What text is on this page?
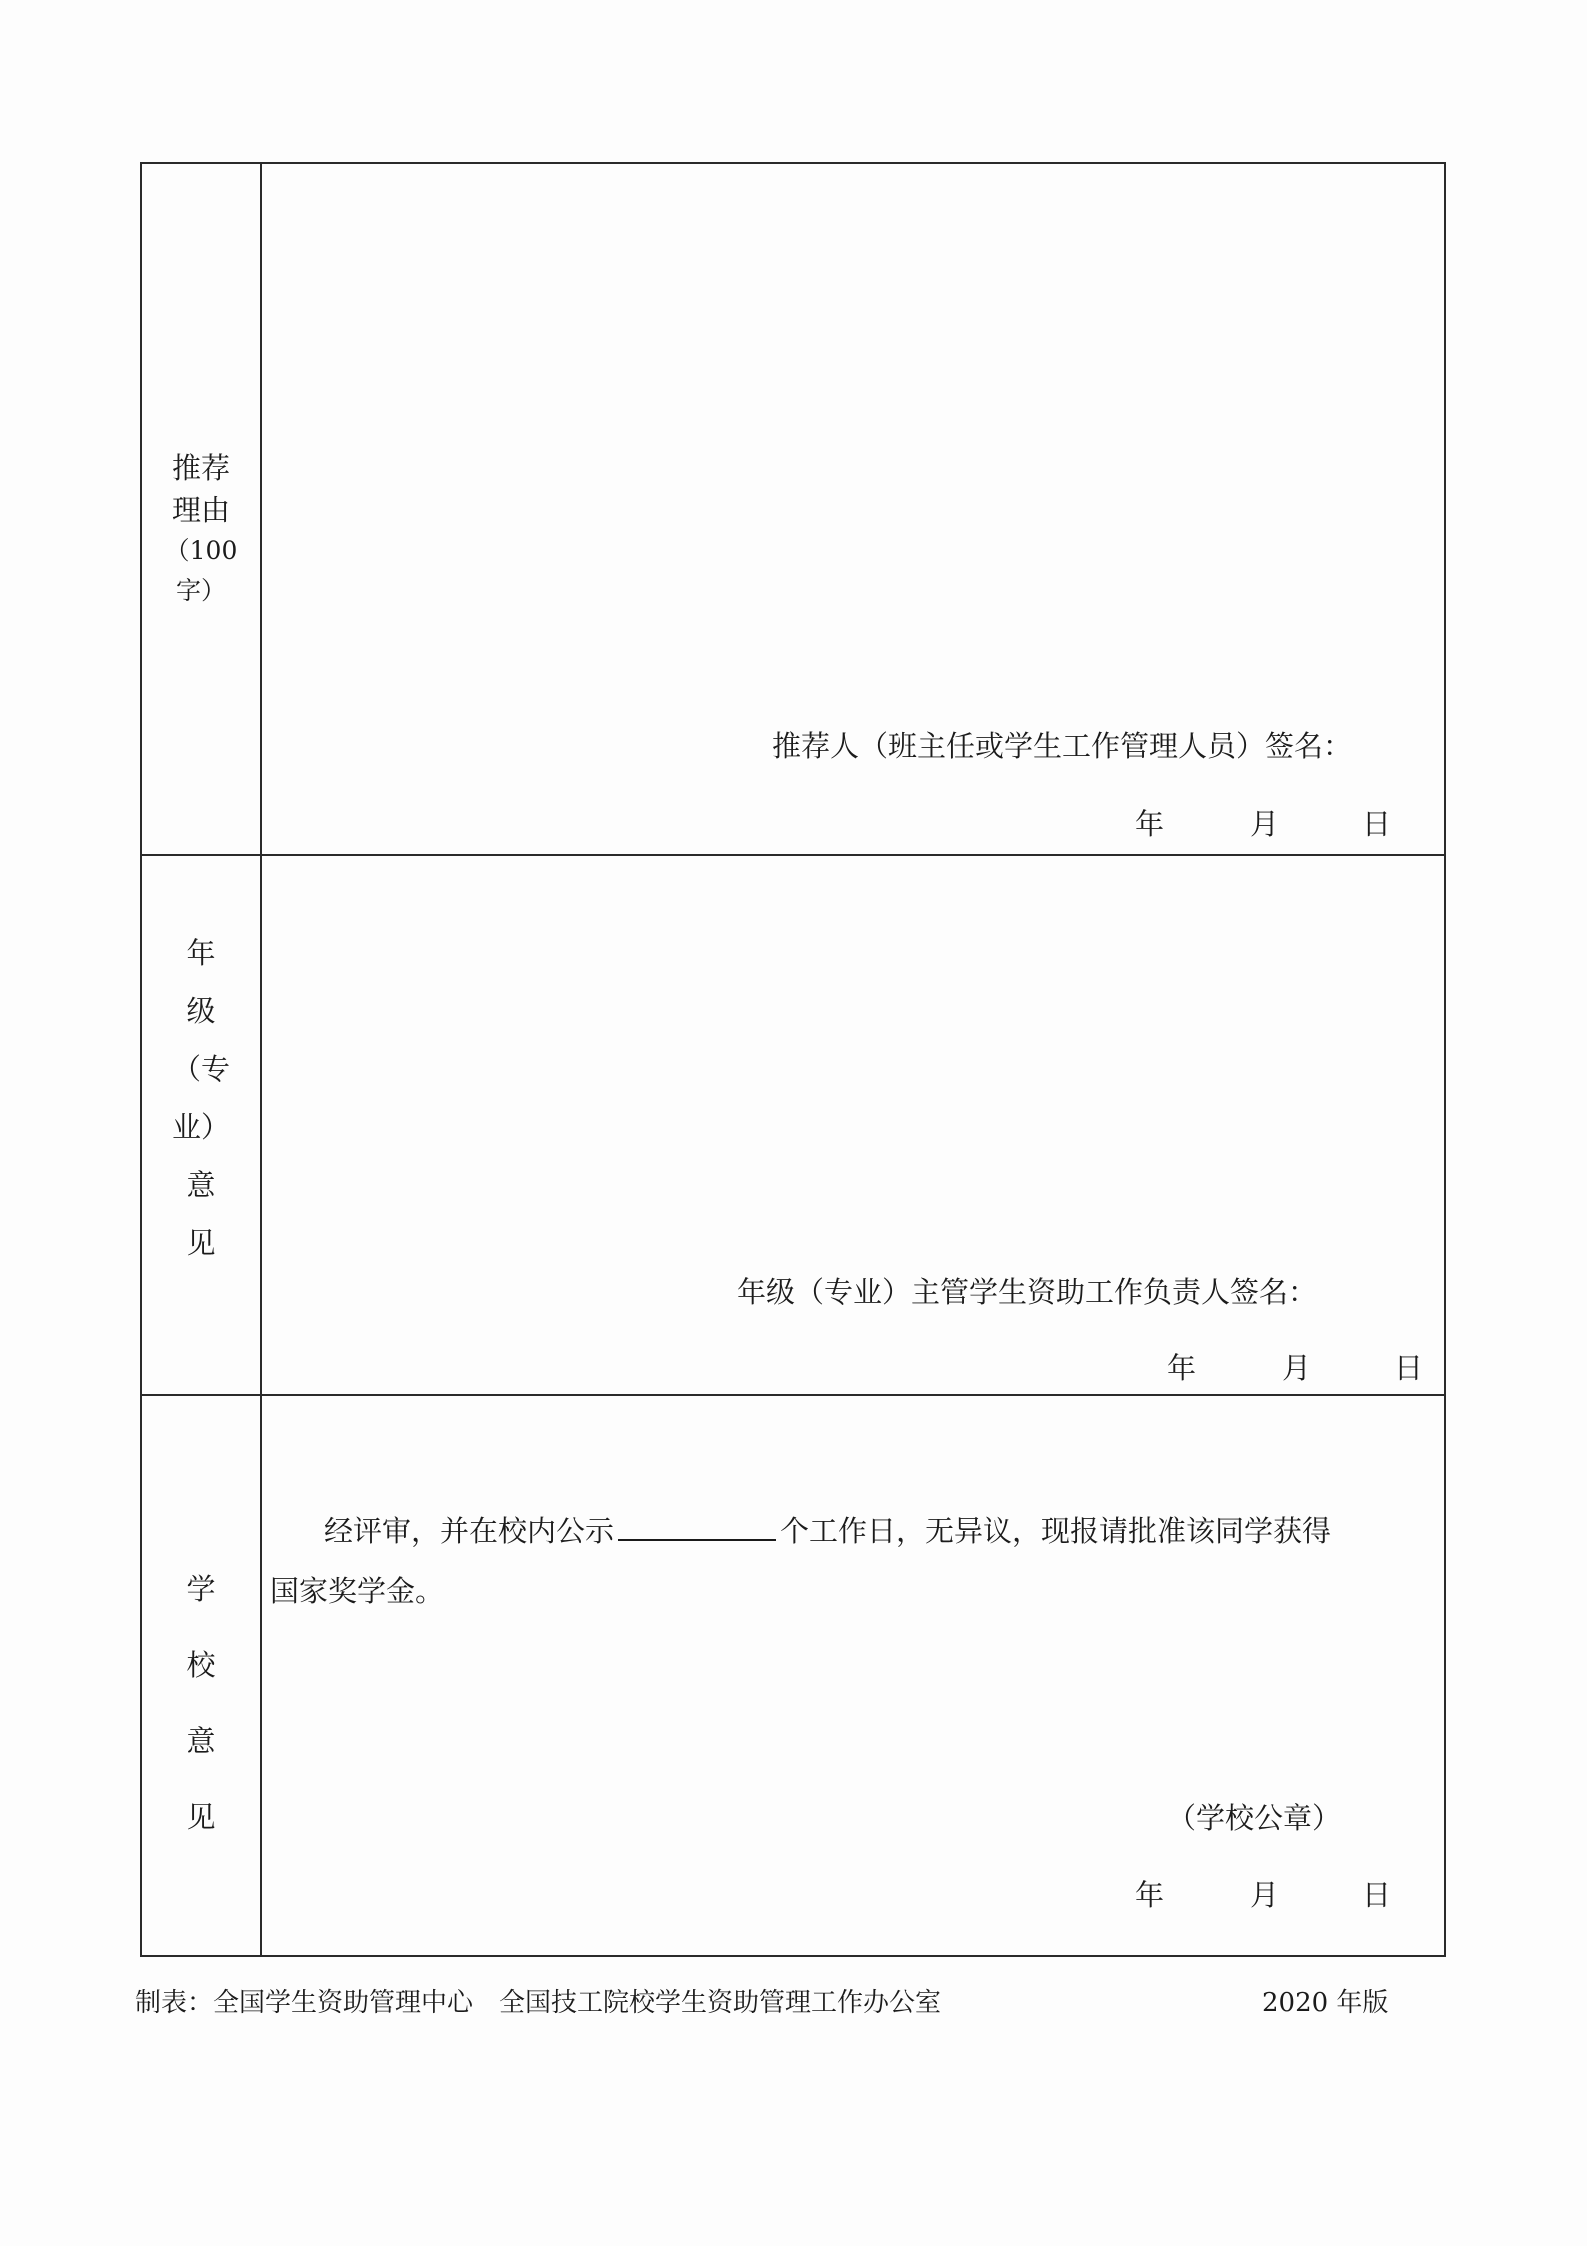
推荐
理由
（100
字）
推荐人（班主任或学生工作管理人员）签名：
年	月	日
年
级
（专
业）
意
见
年级（专业）主管学生资助工作负责人签名：
年	月	日
学
校
意
见
经评审，并在校内公示	个工作日，无异议，现报请批准该同学获得
国家奖学金。
（学校公章）
年	月	日
制表：全国学生资助管理中心　全国技工院校学生资助管理工作办公室	2020 年版
